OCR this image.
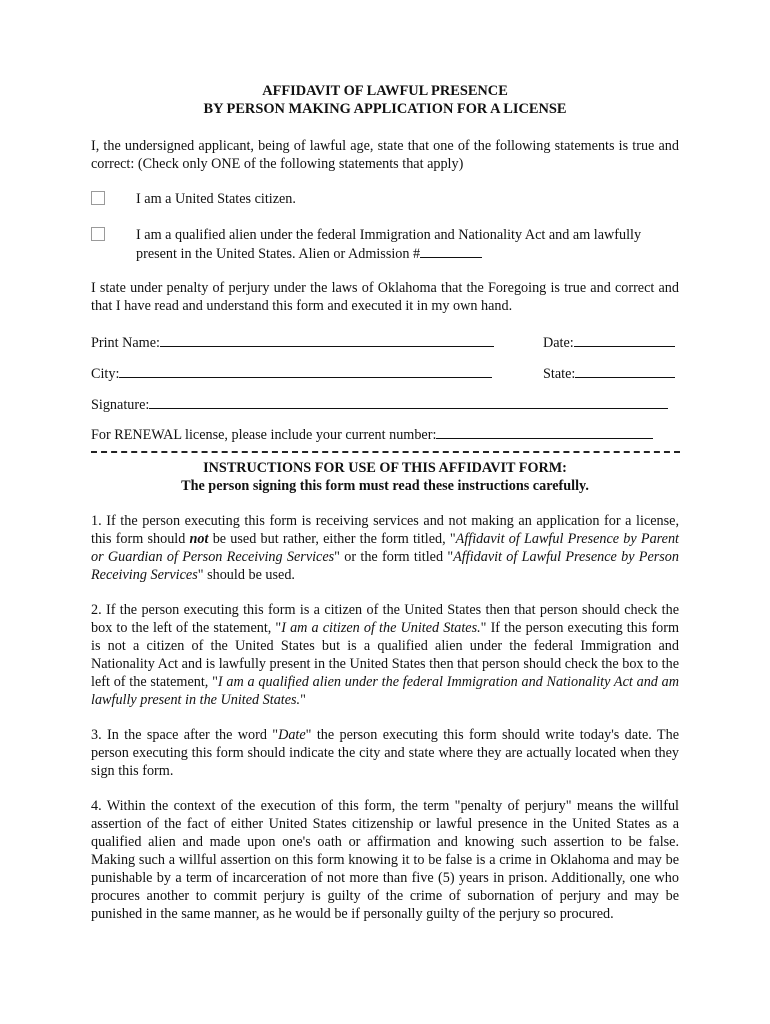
AFFIDAVIT OF LAWFUL PRESENCE
BY PERSON MAKING APPLICATION FOR A LICENSE
I, the undersigned applicant, being of lawful age, state that one of the following statements is true and correct: (Check only ONE of the following statements that apply)
I am a United States citizen.
I am a qualified alien under the federal Immigration and Nationality Act and am lawfully present in the United States. Alien or Admission #
I state under penalty of perjury under the laws of Oklahoma that the Foregoing is true and correct and that I have read and understand this form and executed it in my own hand.
Print Name:	Date:
City:	State:
Signature:
For RENEWAL license, please include your current number:
INSTRUCTIONS FOR USE OF THIS AFFIDAVIT FORM:
The person signing this form must read these instructions carefully.
1. If the person executing this form is receiving services and not making an application for a license, this form should not be used but rather, either the form titled, "Affidavit of Lawful Presence by Parent or Guardian of Person Receiving Services" or the form titled "Affidavit of Lawful Presence by Person Receiving Services" should be used.
2. If the person executing this form is a citizen of the United States then that person should check the box to the left of the statement, "I am a citizen of the United States." If the person executing this form is not a citizen of the United States but is a qualified alien under the federal Immigration and Nationality Act and is lawfully present in the United States then that person should check the box to the left of the statement, "I am a qualified alien under the federal Immigration and Nationality Act and am lawfully present in the United States."
3. In the space after the word "Date" the person executing this form should write today's date. The person executing this form should indicate the city and state where they are actually located when they sign this form.
4. Within the context of the execution of this form, the term "penalty of perjury" means the willful assertion of the fact of either United States citizenship or lawful presence in the United States as a qualified alien and made upon one's oath or affirmation and knowing such assertion to be false. Making such a willful assertion on this form knowing it to be false is a crime in Oklahoma and may be punishable by a term of incarceration of not more than five (5) years in prison. Additionally, one who procures another to commit perjury is guilty of the crime of subornation of perjury and may be punished in the same manner, as he would be if personally guilty of the perjury so procured.
